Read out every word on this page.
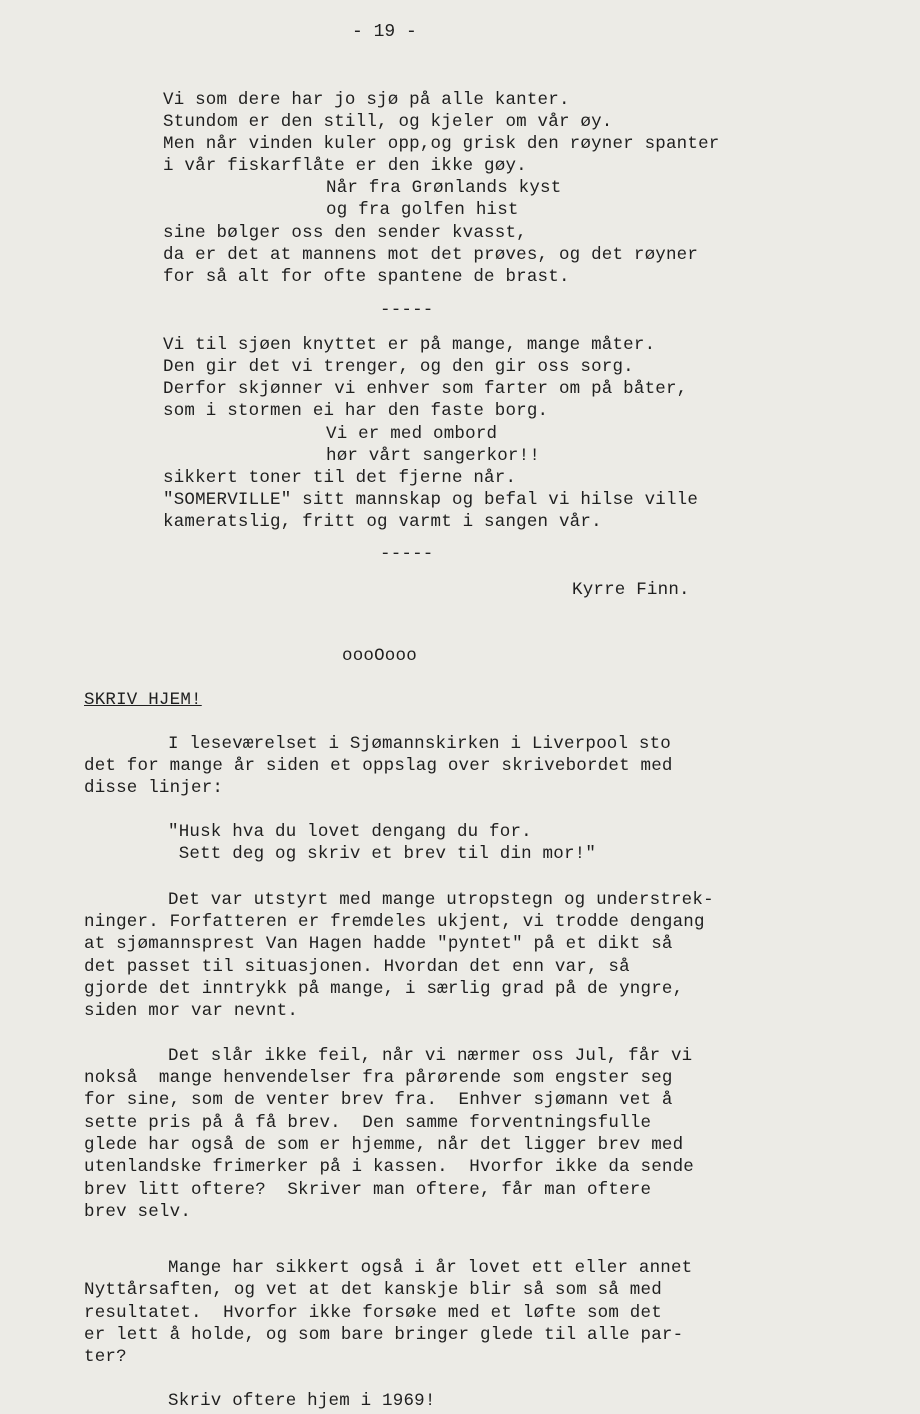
- 19 -
Vi som dere har jo sjø på alle kanter.
Stundom er den still, og kjeler om vår øy.
Men når vinden kuler opp,og grisk den røyner spanter
i vår fiskarflåte er den ikke gøy.
Når fra Grønlands kyst
og fra golfen hist
sine bølger oss den sender kvasst,
da er det at mannens mot det prøves, og det røyner
for så alt for ofte spantene de brast.
-----
Vi til sjøen knyttet er på mange, mange måter.
Den gir det vi trenger, og den gir oss sorg.
Derfor skjønner vi enhver som farter om på båter,
som i stormen ei har den faste borg.
Vi er med ombord
hør vårt sangerkor!!
sikkert toner til det fjerne når.
"SOMERVILLE" sitt mannskap og befal vi hilse ville
kameratslig, fritt og varmt i sangen vår.
-----
Kyrre Finn.
oooOooo
SKRIV HJEM!
I leseværelset i Sjømannskirken i Liverpool sto
det for mange år siden et oppslag over skrivebordet med
disse linjer:
"Husk hva du lovet dengang du for.
Sett deg og skriv et brev til din mor!"
Det var utstyrt med mange utropstegn og understrek-
ninger. Forfatteren er fremdeles ukjent, vi trodde dengang
at sjømannsprest Van Hagen hadde "pyntet" på et dikt så
det passet til situasjonen. Hvordan det enn var, så
gjorde det inntrykk på mange, i særlig grad på de yngre,
siden mor var nevnt.
Det slår ikke feil, når vi nærmer oss Jul, får vi
nokså  mange henvendelser fra pårørende som engster seg
for sine, som de venter brev fra.  Enhver sjømann vet å
sette pris på å få brev.  Den samme forventningsfulle
glede har også de som er hjemme, når det ligger brev med
utenlandske frimerker på i kassen.  Hvorfor ikke da sende
brev litt oftere?  Skriver man oftere, får man oftere
brev selv.
Mange har sikkert også i år lovet ett eller annet
Nyttårsaften, og vet at det kanskje blir så som så med
resultatet.  Hvorfor ikke forsøke med et løfte som det
er lett å holde, og som bare bringer glede til alle par-
ter?
Skriv oftere hjem i 1969!
